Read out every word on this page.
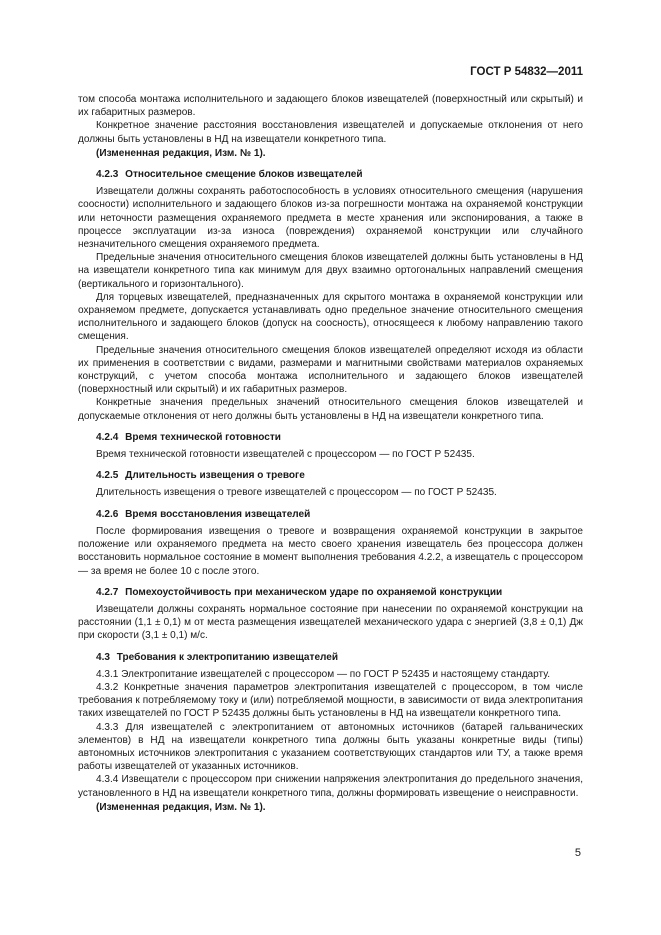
ГОСТ Р 54832—2011

том способа монтажа исполнительного и задающего блоков извещателей (поверхностный или скрытый) и их габаритных размеров.

Конкретное значение расстояния восстановления извещателей и допускаемые отклонения от него должны быть установлены в НД на извещатели конкретного типа.

(Измененная редакция, Изм. № 1).

4.2.3 Относительное смещение блоков извещателей

Извещатели должны сохранять работоспособность в условиях относительного смещения (нарушения соосности) исполнительного и задающего блоков из-за погрешности монтажа на охраняемой конструкции или неточности размещения охраняемого предмета в месте хранения или экспонирования, а также в процессе эксплуатации из-за износа (повреждения) охраняемой конструкции или случайного незначительного смещения охраняемого предмета.

Предельные значения относительного смещения блоков извещателей должны быть установлены в НД на извещатели конкретного типа как минимум для двух взаимно ортогональных направлений смещения (вертикального и горизонтального).

Для торцевых извещателей, предназначенных для скрытого монтажа в охраняемой конструкции или охраняемом предмете, допускается устанавливать одно предельное значение относительного смещения исполнительного и задающего блоков (допуск на соосность), относящееся к любому направлению такого смещения.

Предельные значения относительного смещения блоков извещателей определяют исходя из области их применения в соответствии с видами, размерами и магнитными свойствами материалов охраняемых конструкций, с учетом способа монтажа исполнительного и задающего блоков извещателей (поверхностный или скрытый) и их габаритных размеров.

Конкретные значения предельных значений относительного смещения блоков извещателей и допускаемые отклонения от него должны быть установлены в НД на извещатели конкретного типа.

4.2.4 Время технической готовности

Время технической готовности извещателей с процессором — по ГОСТ Р 52435.

4.2.5 Длительность извещения о тревоге

Длительность извещения о тревоге извещателей с процессором — по ГОСТ Р 52435.

4.2.6 Время восстановления извещателей

После формирования извещения о тревоге и возвращения охраняемой конструкции в закрытое положение или охраняемого предмета на место своего хранения извещатель без процессора должен восстановить нормальное состояние в момент выполнения требования 4.2.2, а извещатель с процессором — за время не более 10 с после этого.

4.2.7 Помехоустойчивость при механическом ударе по охраняемой конструкции

Извещатели должны сохранять нормальное состояние при нанесении по охраняемой конструкции на расстоянии (1,1 ± 0,1) м от места размещения извещателей механического удара с энергией (3,8 ± 0,1) Дж при скорости (3,1 ± 0,1) м/с.

4.3 Требования к электропитанию извещателей

4.3.1 Электропитание извещателей с процессором — по ГОСТ Р 52435 и настоящему стандарту.

4.3.2 Конкретные значения параметров электропитания извещателей с процессором, в том числе требования к потребляемому току и (или) потребляемой мощности, в зависимости от вида электропитания таких извещателей по ГОСТ Р 52435 должны быть установлены в НД на извещатели конкретного типа.

4.3.3 Для извещателей с электропитанием от автономных источников (батарей гальванических элементов) в НД на извещатели конкретного типа должны быть указаны конкретные виды (типы) автономных источников электропитания с указанием соответствующих стандартов или ТУ, а также время работы извещателей от указанных источников.

4.3.4 Извещатели с процессором при снижении напряжения электропитания до предельного значения, установленного в НД на извещатели конкретного типа, должны формировать извещение о неисправности.

(Измененная редакция, Изм. № 1).

5
